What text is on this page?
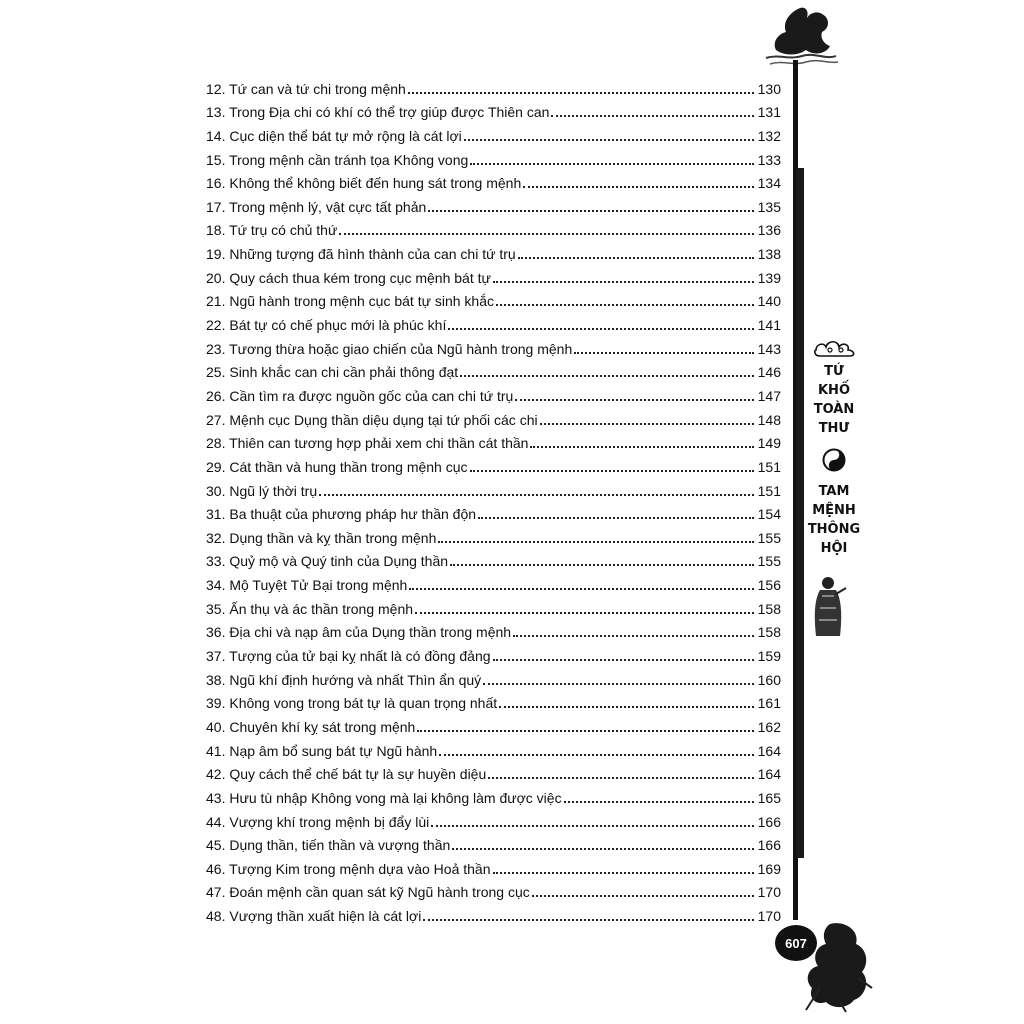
12. Tứ can và tứ chi trong mệnh	130
13. Trong Địa chi có khí có thể trợ giúp được Thiên can	131
14. Cục diện thể bát tự mở rộng là cát lợi	132
15. Trong mệnh cần tránh tọa Không vong	133
16. Không thể không biết đến hung sát trong mệnh	134
17. Trong mệnh lý, vật cực tất phản	135
18. Tứ trụ có chủ thứ	136
19. Những tượng đã hình thành của can chi tứ trụ	138
20. Quy cách thua kém trong cục mệnh bát tự	139
21. Ngũ hành trong mệnh cục bát tự sinh khắc	140
22. Bát tự có chế phục mới là phúc khí	141
23. Tương thừa hoặc giao chiến của Ngũ hành trong mệnh	143
25. Sinh khắc can chi cần phải thông đạt	146
26. Cần tìm ra được nguồn gốc của can chi tứ trụ	147
27. Mệnh cục Dụng thần diệu dụng tại tứ phối các chi	148
28. Thiên can tương hợp phải xem chi thần cát thần	149
29. Cát thần và hung thần trong mệnh cục	151
30. Ngũ lý thời trụ	151
31. Ba thuật của phương pháp hư thần độn	154
32. Dụng thần và kỵ thần trong mệnh	155
33. Quỷ mộ và Quý tinh của Dụng thần	155
34. Mộ Tuyệt Tử Bại trong mệnh	156
35. Ấn thụ và ác thần trong mệnh	158
36. Địa chi và nạp âm của Dụng thần trong mệnh	158
37. Tượng của tử bại kỵ nhất là có đồng đảng	159
38. Ngũ khí định hướng và nhất Thìn ẩn quý	160
39. Không vong trong bát tự là quan trọng nhất	161
40. Chuyên khí kỵ sát trong mệnh	162
41. Nạp âm bổ sung bát tự Ngũ hành	164
42. Quy cách thể chế bát tự là sự huyền diệu	164
43. Hưu tù nhập Không vong mà lại không làm được việc	165
44. Vượng khí trong mệnh bị đẩy lùi	166
45. Dụng thần, tiến thần và vượng thần	166
46. Tượng Kim trong mệnh dựa vào Hoả thần	169
47. Đoán mệnh cần quan sát kỹ Ngũ hành trong cục	170
48. Vượng thần xuất hiện là cát lợi	170
TỨ
KHỐ
TOÀN
THƯ
TAM
MỆNH
THÔNG
HỘI
607
